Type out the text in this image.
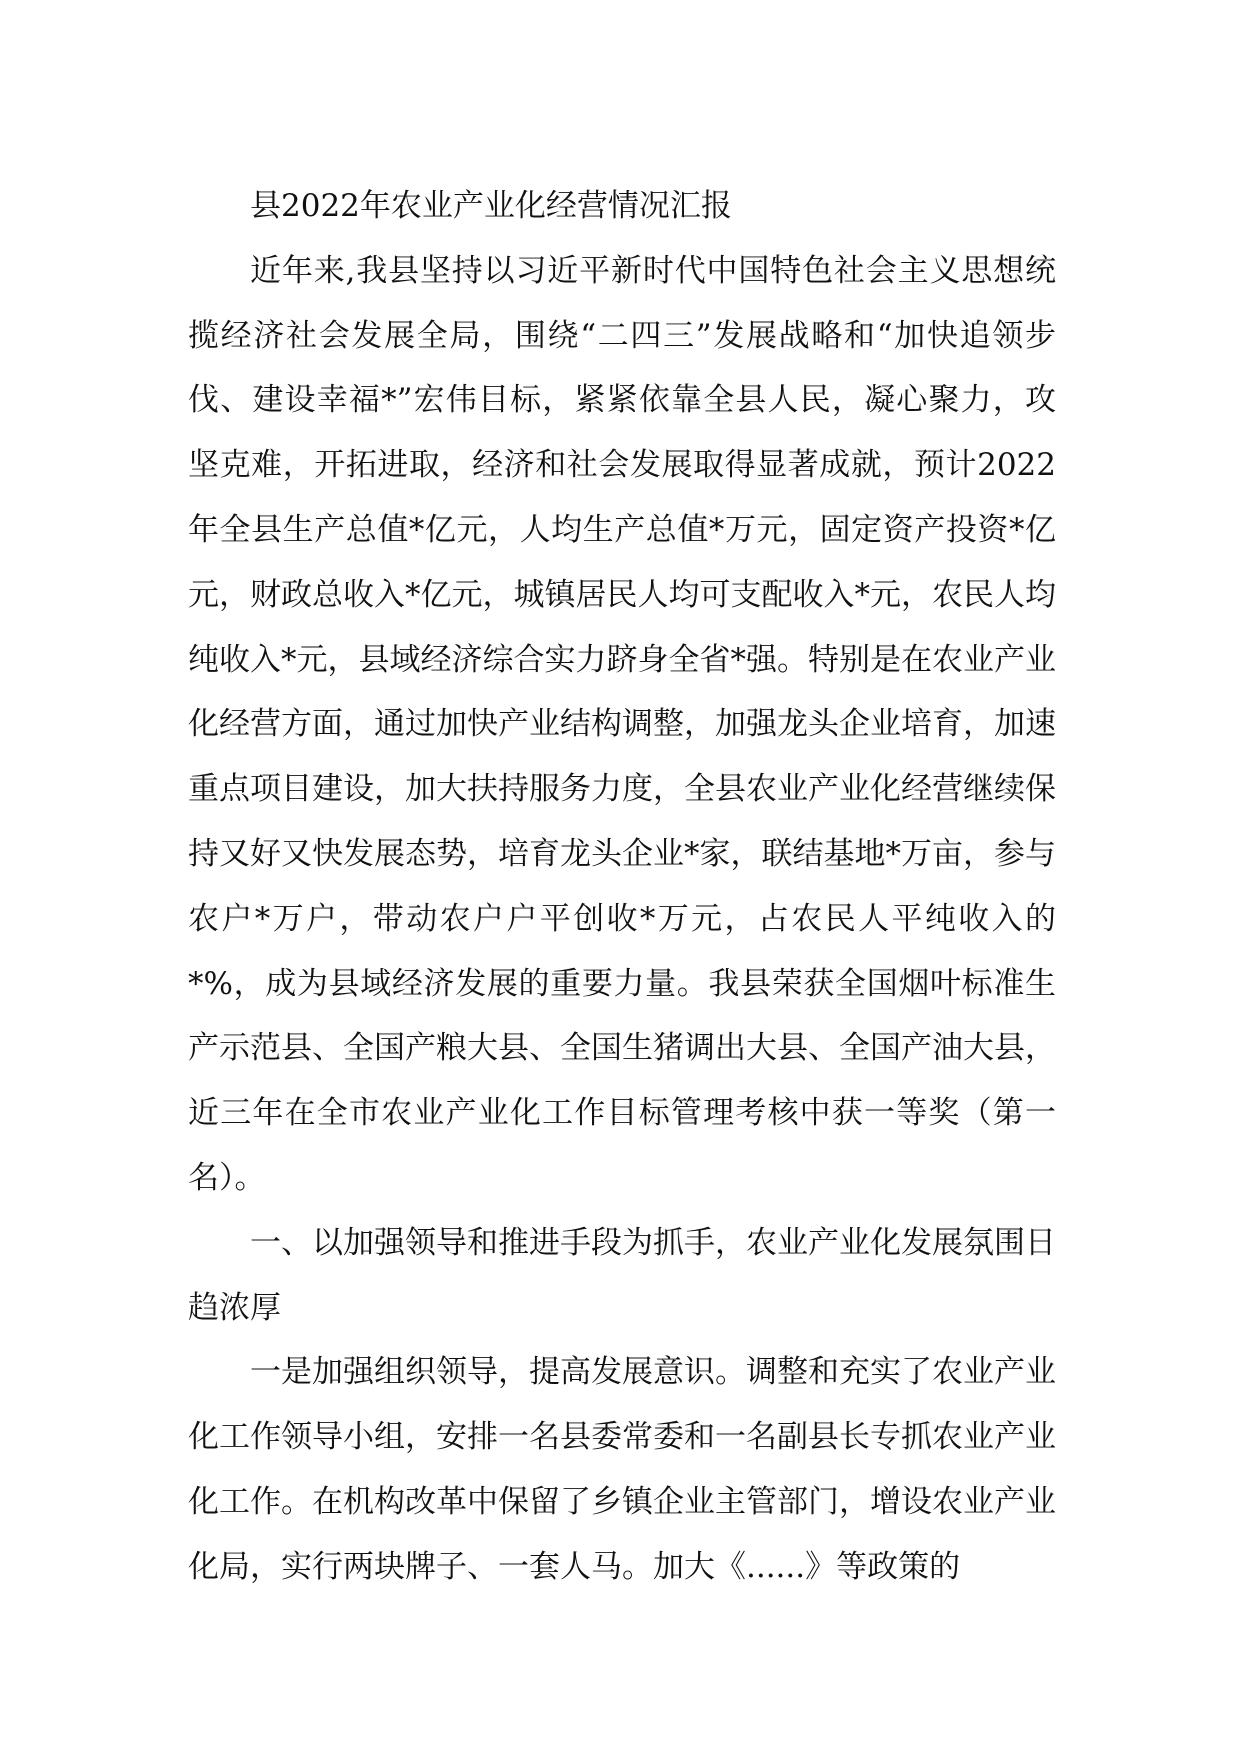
县2022年农业产业化经营情况汇报

近年来,我县坚持以习近平新时代中国特色社会主义思想统揽经济社会发展全局，围绕“二四三”发展战略和“加快追领步伐、建设幸福*”宏伟目标，紧紧依靠全县人民，凝心聚力，攻坚克难，开拓进取，经济和社会发展取得显著成就，预计2022年全县生产总值*亿元，人均生产总值*万元，固定资产投资*亿元，财政总收入*亿元，城镇居民人均可支配收入*元，农民人均纯收入*元，县域经济综合实力跻身全省*强。特别是在农业产业化经营方面，通过加快产业结构调整，加强龙头企业培育，加速重点项目建设，加大扶持服务力度，全县农业产业化经营继续保持又好又快发展态势，培育龙头企业*家，联结基地*万亩，参与农户*万户，带动农户户平创收*万元，占农民人平纯收入的*%，成为县域经济发展的重要力量。我县荣获全国烟叶标准生产示范县、全国产粮大县、全国生猪调出大县、全国产油大县，近三年在全市农业产业化工作目标管理考核中获一等奖（第一名）。

一、以加强领导和推进手段为抓手，农业产业化发展氛围日趋浓厚

一是加强组织领导，提高发展意识。调整和充实了农业产业化工作领导小组，安排一名县委常委和一名副县长专抓农业产业化工作。在机构改革中保留了乡镇企业主管部门，增设农业产业化局，实行两块牌子、一套人马。加大《......》等政策的
